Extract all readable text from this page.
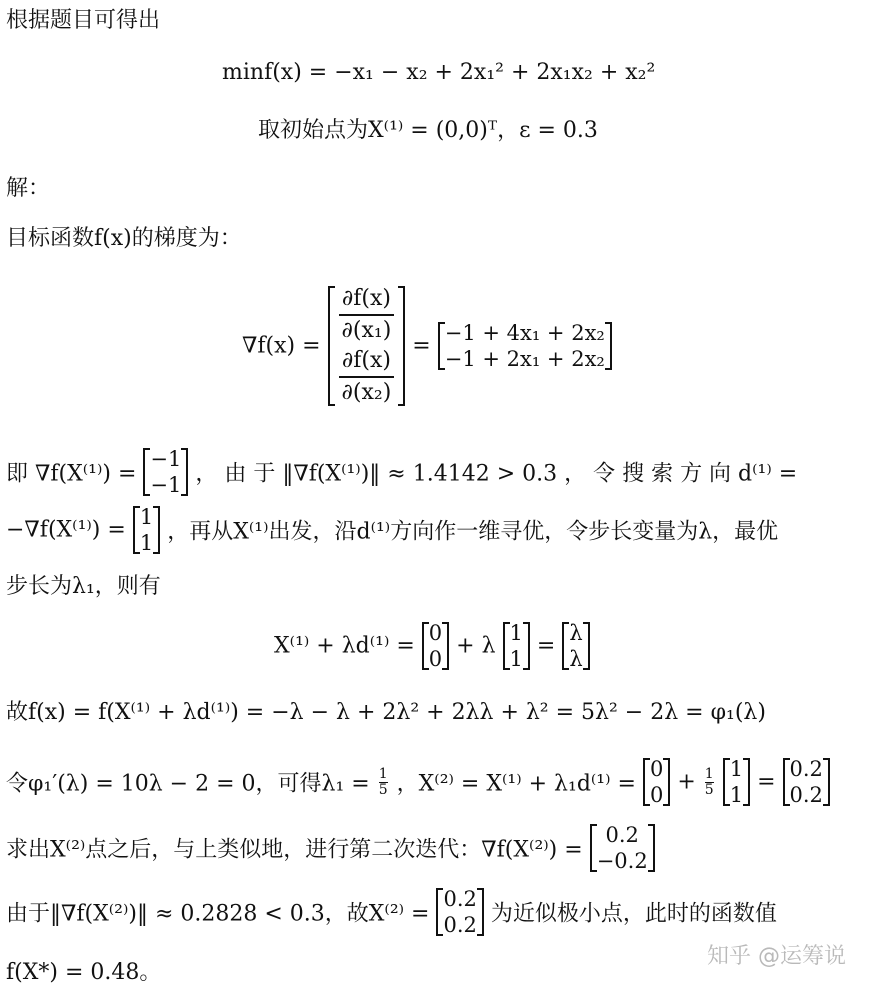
根据题目可得出
minf(x) = −x₁ − x₂ + 2x₁² + 2x₁x₂ + x₂²
取初始点为X⁽¹⁾ = (0,0)ᵀ，ε = 0.3
解：
目标函数f(x)的梯度为：
∇f(x) =
∂f(x)
∂(x₁)
∂f(x)
∂(x₂)
=
−1 + 4x₁ + 2x₂
−1 + 2x₁ + 2x₂
即 ∇f(X⁽¹⁾) =
−1
−1 ， 由 于 ‖∇f(X⁽¹⁾)‖ ≈ 1.4142 > 0.3 ， 令 搜 索 方 向 d⁽¹⁾ =
−∇f(X⁽¹⁾) =
1
1 ，再从X⁽¹⁾出发，沿d⁽¹⁾方向作一维寻优，令步长变量为λ，最优
步长为λ₁，则有
X⁽¹⁾ + λd⁽¹⁾ =
0
0
+ λ
1
1
=
λ
λ
故f(x) = f(X⁽¹⁾ + λd⁽¹⁾) = −λ − λ + 2λ² + 2λλ + λ² = 5λ² − 2λ = φ₁(λ)
令φ₁′(λ) = 10λ − 2 = 0，可得$\lambda_1 = \frac{1}{5}$ ，X⁽²⁾ = X⁽¹⁾ + λ₁d⁽¹⁾ =
0
0
+ $\frac{1}{5}$
1
1
=
0.2
0.2
求出X⁽²⁾点之后，与上类似地，进行第二次迭代：∇f(X⁽²⁾) =
0.2
−0.2
由于‖∇f(X⁽²⁾)‖ ≈ 0.2828 < 0.3，故X⁽²⁾ =
0.2
0.2 为近似极小点，此时的函数值
f(X*) = 0.48。
知乎 @运筹说
